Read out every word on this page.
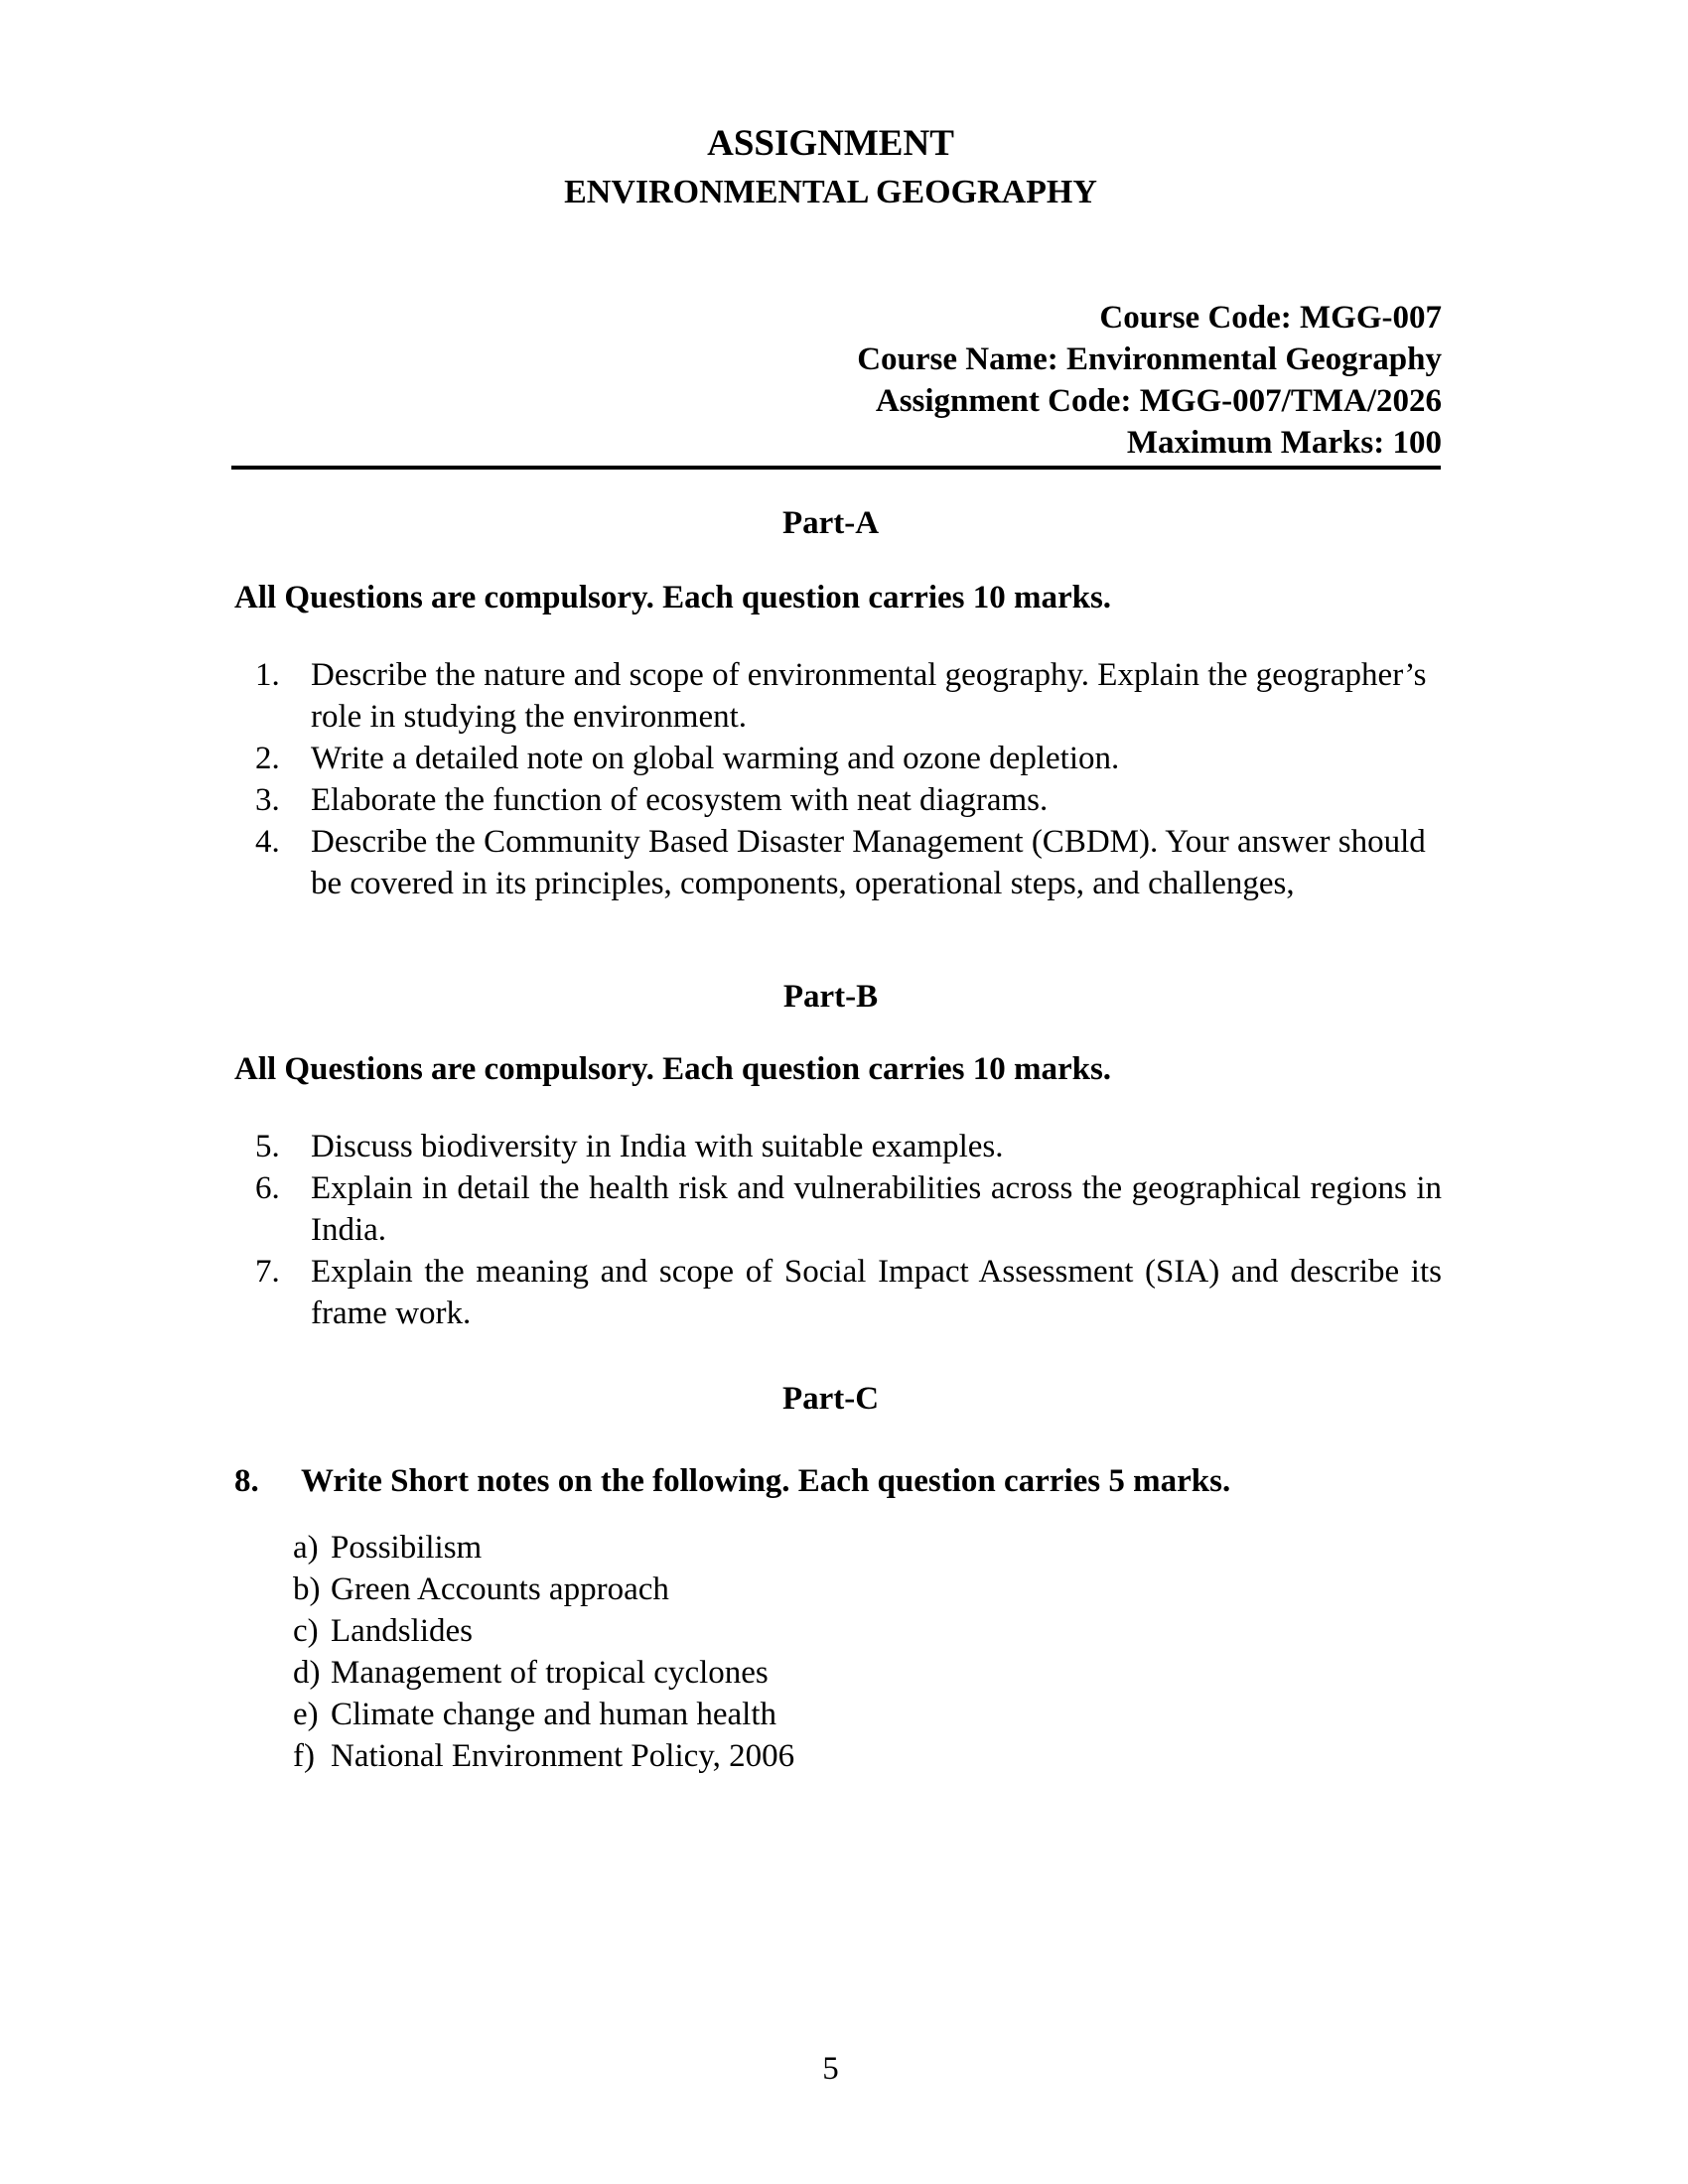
ASSIGNMENT
ENVIRONMENTAL GEOGRAPHY
Course Code: MGG-007
Course Name: Environmental Geography
Assignment Code: MGG-007/TMA/2026
Maximum Marks: 100
Part-A
All Questions are compulsory. Each question carries 10 marks.
1. Describe the nature and scope of environmental geography. Explain the geographer’s role in studying the environment.
2. Write a detailed note on global warming and ozone depletion.
3. Elaborate the function of ecosystem with neat diagrams.
4. Describe the Community Based Disaster Management (CBDM). Your answer should be covered in its principles, components, operational steps, and challenges,
Part-B
All Questions are compulsory. Each question carries 10 marks.
5. Discuss biodiversity in India with suitable examples.
6. Explain in detail the health risk and vulnerabilities across the geographical regions in India.
7. Explain the meaning and scope of Social Impact Assessment (SIA) and describe its frame work.
Part-C
8.	Write Short notes on the following. Each question carries 5 marks.
a) Possibilism
b) Green Accounts approach
c) Landslides
d) Management of tropical cyclones
e) Climate change and human health
f) National Environment Policy, 2006
5
